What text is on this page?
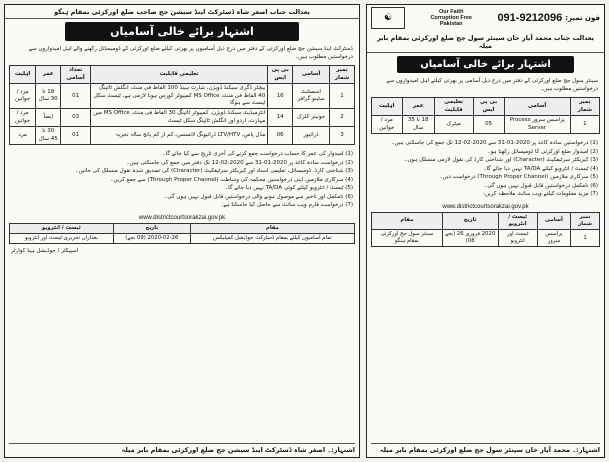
بعدالت جناب اصغر شاہ ڈسٹرکٹ اینڈ سیشن جج صاحب ضلع اورکزئی بمقام ہنگو
اشتہار برائے خالی آسامیاں
ڈسٹرکٹ اینڈ سیشن جج ضلع اورکزئی کے دفتر میں درج ذیل آسامیوں پر بھرتی کیلئے ضلع اورکزئی کے ڈومیسائل رکھنے والے اہل امیدواروں سے درخواستیں مطلوب ہیں۔
نمبر شمار	آسامی	بی پی ایس	تعلیمی قابلیت	تعداد آسامی	عمر	اہلیت
1	اسسٹنٹ سٹینو گرافر	16	بیچلر ڈگری سیکنڈ ڈویژن، شارٹ ہینڈ 100 الفاظ فی منٹ، انگلش ٹائپنگ 40 الفاظ فی منٹ، MS Office کمپیوٹر کورس ہونا لازمی ہے، ٹیسٹ سکل ٹیسٹ سے ہوگا	01	18 تا 30 سال	مرد / خواتین
2	جونیئر کلرک	14	انٹرمیڈیٹ سیکنڈ ڈویژن، کمپیوٹر ٹائپنگ 30 الفاظ فی منٹ، MS Office میں مہارت، اردو اور انگلش ٹائپنگ سکل ٹیسٹ	03	ایضاً	مرد / خواتین
3	ڈرائیور	06	مڈل پاس، LTV/HTV ڈرائیونگ لائسنس، کم از کم پانچ سالہ تجربہ	01	30 تا 45 سال	مرد
(1) امیدوار کی عمر کا حساب درخواست جمع کرنے کی آخری تاریخ سے کیا جائے گا۔
(2) درخواست سادہ کاغذ پر 2020-01-31 سے 2020-02-12 تک دفتر میں جمع کی جاسکتی ہیں۔
(3) شناختی کارڈ، ڈومیسائل، تعلیمی اسناد اور کیریکٹر سرٹیفکیٹ (Character) کی تصدیق شدہ نقول منسلک کی جائیں۔
(4) سرکاری ملازمین اپنی درخواستیں محکمہ کی وساطت (Through Proper Channel) سے جمع کریں۔
(5) ٹیسٹ / انٹرویو کیلئے کوئی TA/DA نہیں دیا جائے گا۔
(6) نامکمل اور تاخیر سے موصول ہونے والی درخواستیں قابل قبول نہیں ہوں گی۔
(7) درخواست فارم ویب سائٹ سے حاصل کیا جاسکتا ہے:
www.districtcourtsorakzai.gov.pk
مقام	تاریخ	ٹیسٹ / انٹرویو
تمام آسامیوں کیلئے بمقام ڈسٹرکٹ جوڈیشل کمپلیکس	2020-02-26 (09 بجے)	بعدازاں تحریری ٹیسٹ اور انٹرویو
اسپیکٹر / جوڈیشل ہیڈ کوارٹر
اشتہار:۔ اصغر شاہ ڈسٹرکٹ اینڈ سیشن جج ضلع اورکزئی بمقام بابر میلہ
☯
Our Faith
Corruption Free
Pakistan
091-9212096 فون نمبر:
بعدالت جناب محمد آیاز خان سینئر سول جج ضلع اورکزئی بمقام بابر میلہ
اشتہار برائے خالی آسامیاں
سینئر سول جج ضلع اورکزئی کے دفتر میں درج ذیل آسامی پر بھرتی کیلئے اہل امیدواروں سے درخواستیں مطلوب ہیں۔
نمبر شمار	آسامی	بی پی ایس	تعلیمی قابلیت	عمر	اہلیت
1	پراسس سرور Process Server	05	میٹرک	18 تا 35 سال	مرد / خواتین
(1) درخواستیں سادہ کاغذ پر 2020-01-31 سے 2020-02-12 تک جمع کی جاسکتی ہیں۔
(2) امیدوار ضلع اورکزئی کا ڈومیسائل رکھتا ہو۔
(3) کیریکٹر سرٹیفکیٹ (Character) اور شناختی کارڈ کی نقول لازمی منسلک ہوں۔
(4) ٹیسٹ / انٹرویو کیلئے TA/DA نہیں دیا جائے گا۔
(5) سرکاری ملازمین (Through Proper Channel) درخواست دیں۔
(6) نامکمل درخواستیں قابل قبول نہیں ہوں گی۔
(7) مزید معلومات کیلئے ویب سائٹ ملاحظہ کریں:
www.districtcourtsorakzai.gov.pk
نمبر شمار	آسامی	ٹیسٹ / انٹرویو	تاریخ	مقام
1	پراسس سرور	ٹیسٹ اور انٹرویو	2020 فروری 26 (بجے 08)	سینئر سول جج اورکزئی بمقام ہنگو
اشتہار:۔ محمد آیاز خان سینئر سول جج ضلع اورکزئی بمقام بابر میلہ
